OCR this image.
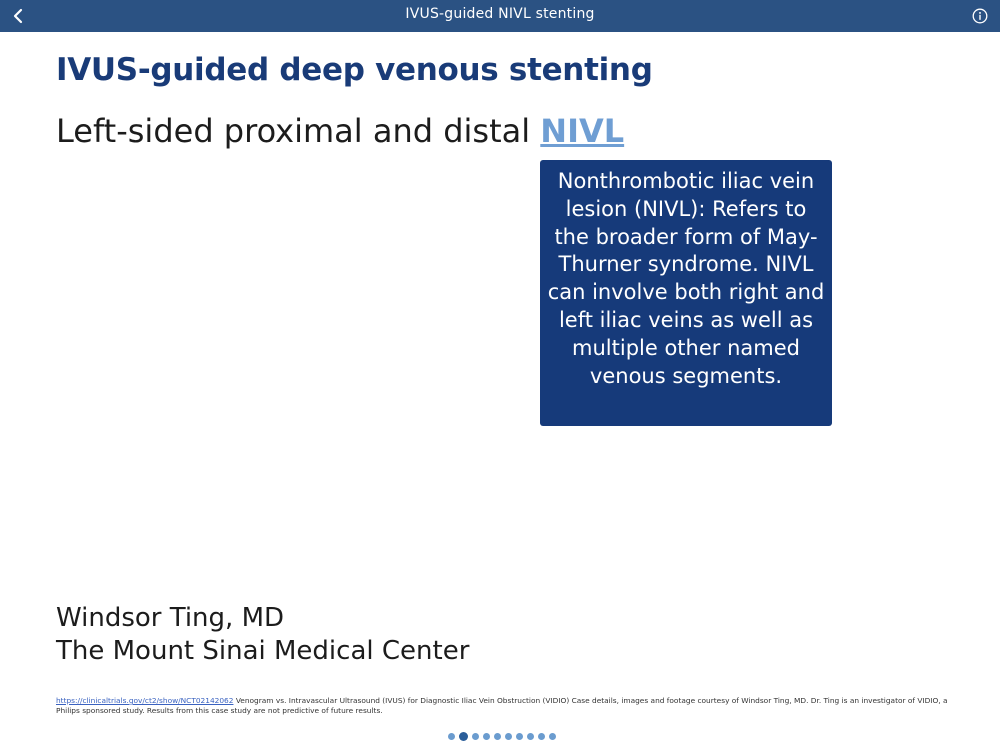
IVUS-guided NIVL stenting
IVUS-guided deep venous stenting
Left-sided proximal and distal NIVL
Nonthrombotic iliac vein lesion (NIVL): Refers to the broader form of May-Thurner syndrome. NIVL can involve both right and left iliac veins as well as multiple other named venous segments.
Windsor Ting, MD
The Mount Sinai Medical Center
https://clinicaltrials.gov/ct2/show/NCT02142062 Venogram vs. Intravascular Ultrasound (IVUS) for Diagnostic Iliac Vein Obstruction (VIDIO) Case details, images and footage courtesy of Windsor Ting, MD. Dr. Ting is an investigator of VIDIO, a Philips sponsored study. Results from this case study are not predictive of future results.
